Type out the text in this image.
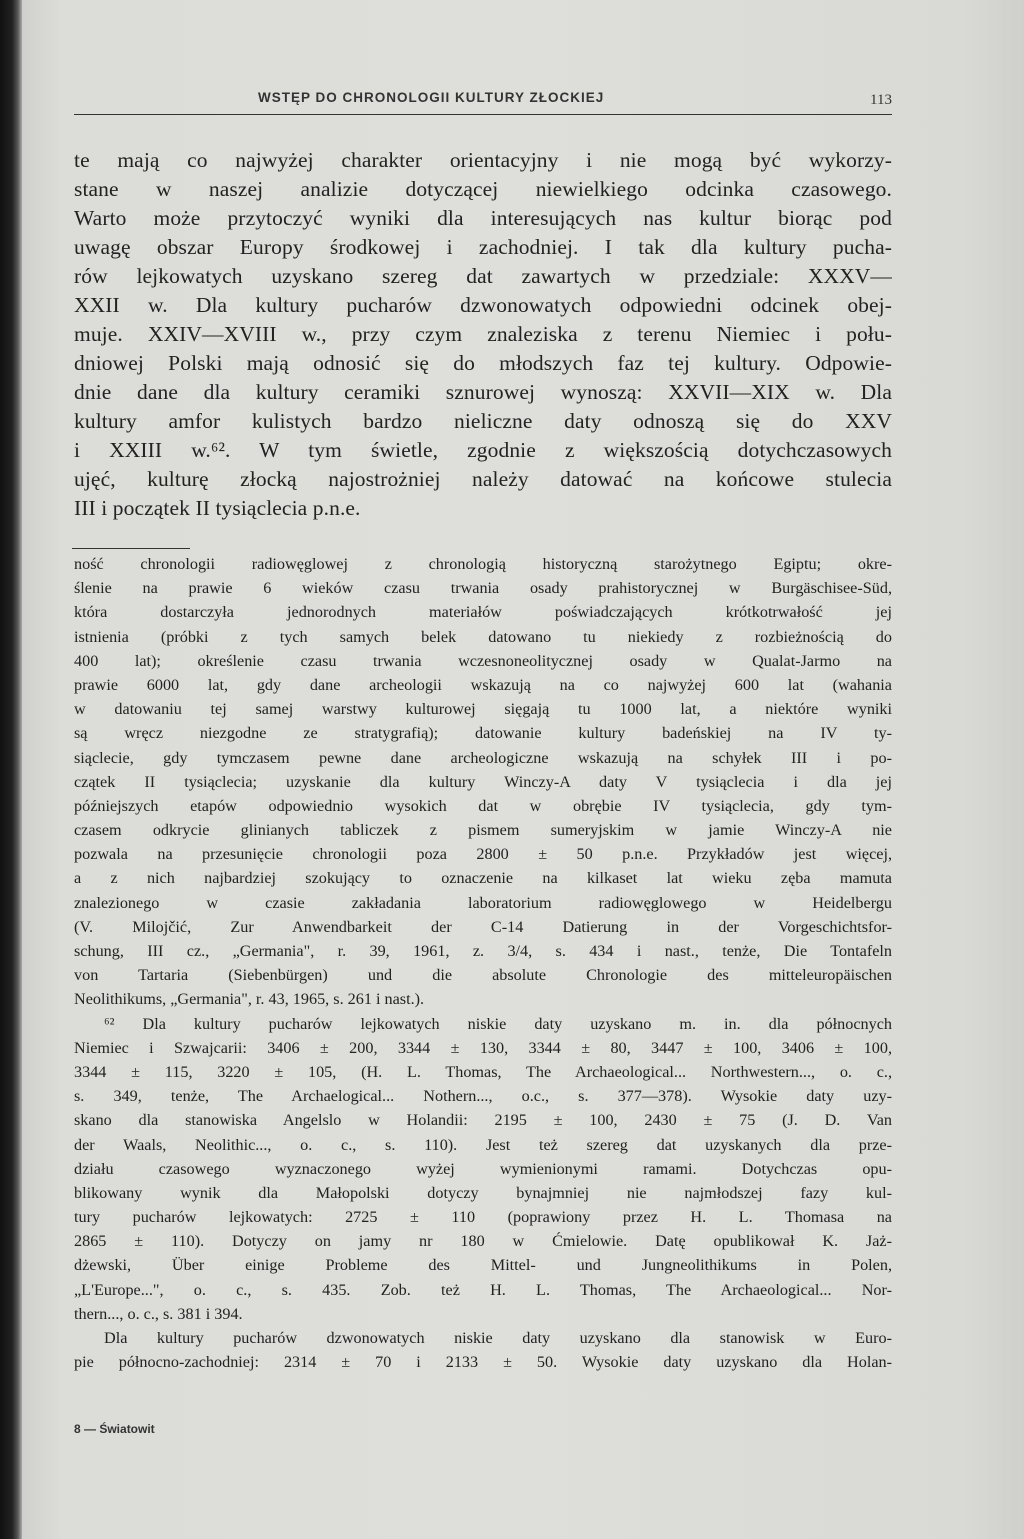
WSTĘP DO CHRONOLOGII KULTURY ZŁOCKIEJ	113
te mają co najwyżej charakter orientacyjny i nie mogą być wykorzy-
stane w naszej analizie dotyczącej niewielkiego odcinka czasowego.
Warto może przytoczyć wyniki dla interesujących nas kultur biorąc pod
uwagę obszar Europy środkowej i zachodniej. I tak dla kultury pucha-
rów lejkowatych uzyskano szereg dat zawartych w przedziale: XXXV—
XXII w. Dla kultury pucharów dzwonowatych odpowiedni odcinek obej-
muje. XXIV—XVIII w., przy czym znaleziska z terenu Niemiec i połu-
dniowej Polski mają odnosić się do młodszych faz tej kultury. Odpowie-
dnie dane dla kultury ceramiki sznurowej wynoszą: XXVII—XIX w. Dla
kultury amfor kulistych bardzo nieliczne daty odnoszą się do XXV
i XXIII w.⁶². W tym świetle, zgodnie z większością dotychczasowych
ujęć, kulturę złocką najostrożniej należy datować na końcowe stulecia
III i początek II tysiąclecia p.n.e.
ność chronologii radiowęglowej z chronologią historyczną starożytnego Egiptu; okre-
ślenie na prawie 6 wieków czasu trwania osady prahistorycznej w Burgäschisee-Süd,
która dostarczyła jednorodnych materiałów poświadczających krótkotrwałość jej
istnienia (próbki z tych samych belek datowano tu niekiedy z rozbieżnością do
400 lat); określenie czasu trwania wczesnoneolitycznej osady w Qualat-Jarmo na
prawie 6000 lat, gdy dane archeologii wskazują na co najwyżej 600 lat (wahania
w datowaniu tej samej warstwy kulturowej sięgają tu 1000 lat, a niektóre wyniki
są wręcz niezgodne ze stratygrafią); datowanie kultury badeńskiej na IV ty-
siąclecie, gdy tymczasem pewne dane archeologiczne wskazują na schyłek III i po-
czątek II tysiąclecia; uzyskanie dla kultury Winczy-A daty V tysiąclecia i dla jej
późniejszych etapów odpowiednio wysokich dat w obrębie IV tysiąclecia, gdy tym-
czasem odkrycie glinianych tabliczek z pismem sumeryjskim w jamie Winczy-A nie
pozwala na przesunięcie chronologii poza 2800 ± 50 p.n.e. Przykładów jest więcej,
a z nich najbardziej szokujący to oznaczenie na kilkaset lat wieku zęba mamuta
znalezionego w czasie zakładania laboratorium radiowęglowego w Heidelbergu
(V. Milojčić, Zur Anwendbarkeit der C-14 Datierung in der Vorgeschichtsfor-
schung, III cz., „Germania", r. 39, 1961, z. 3/4, s. 434 i nast., tenże, Die Tontafeln
von Tartaria (Siebenbürgen) und die absolute Chronologie des mitteleuropäischen
Neolithikums, „Germania", r. 43, 1965, s. 261 i nast.).
⁶² Dla kultury pucharów lejkowatych niskie daty uzyskano m. in. dla północnych
Niemiec i Szwajcarii: 3406 ± 200, 3344 ± 130, 3344 ± 80, 3447 ± 100, 3406 ± 100,
3344 ± 115, 3220 ± 105, (H. L. Thomas, The Archaeological... Northwestern..., o. c.,
s. 349, tenże, The Archaelogical... Nothern..., o.c., s. 377—378). Wysokie daty uzy-
skano dla stanowiska Angelslo w Holandii: 2195 ± 100, 2430 ± 75 (J. D. Van
der Waals, Neolithic..., o. c., s. 110). Jest też szereg dat uzyskanych dla prze-
działu czasowego wyznaczonego wyżej wymienionymi ramami. Dotychczas opu-
blikowany wynik dla Małopolski dotyczy bynajmniej nie najmłodszej fazy kul-
tury pucharów lejkowatych: 2725 ± 110 (poprawiony przez H. L. Thomasa na
2865 ± 110). Dotyczy on jamy nr 180 w Ćmielowie. Datę opublikował K. Jaż-
dżewski, Über einige Probleme des Mittel- und Jungneolithikums in Polen,
„L'Europe...", o. c., s. 435. Zob. też H. L. Thomas, The Archaeological... Nor-
thern..., o. c., s. 381 i 394.
Dla kultury pucharów dzwonowatych niskie daty uzyskano dla stanowisk w Euro-
pie północno-zachodniej: 2314 ± 70 i 2133 ± 50. Wysokie daty uzyskano dla Holan-
8 — Światowit
